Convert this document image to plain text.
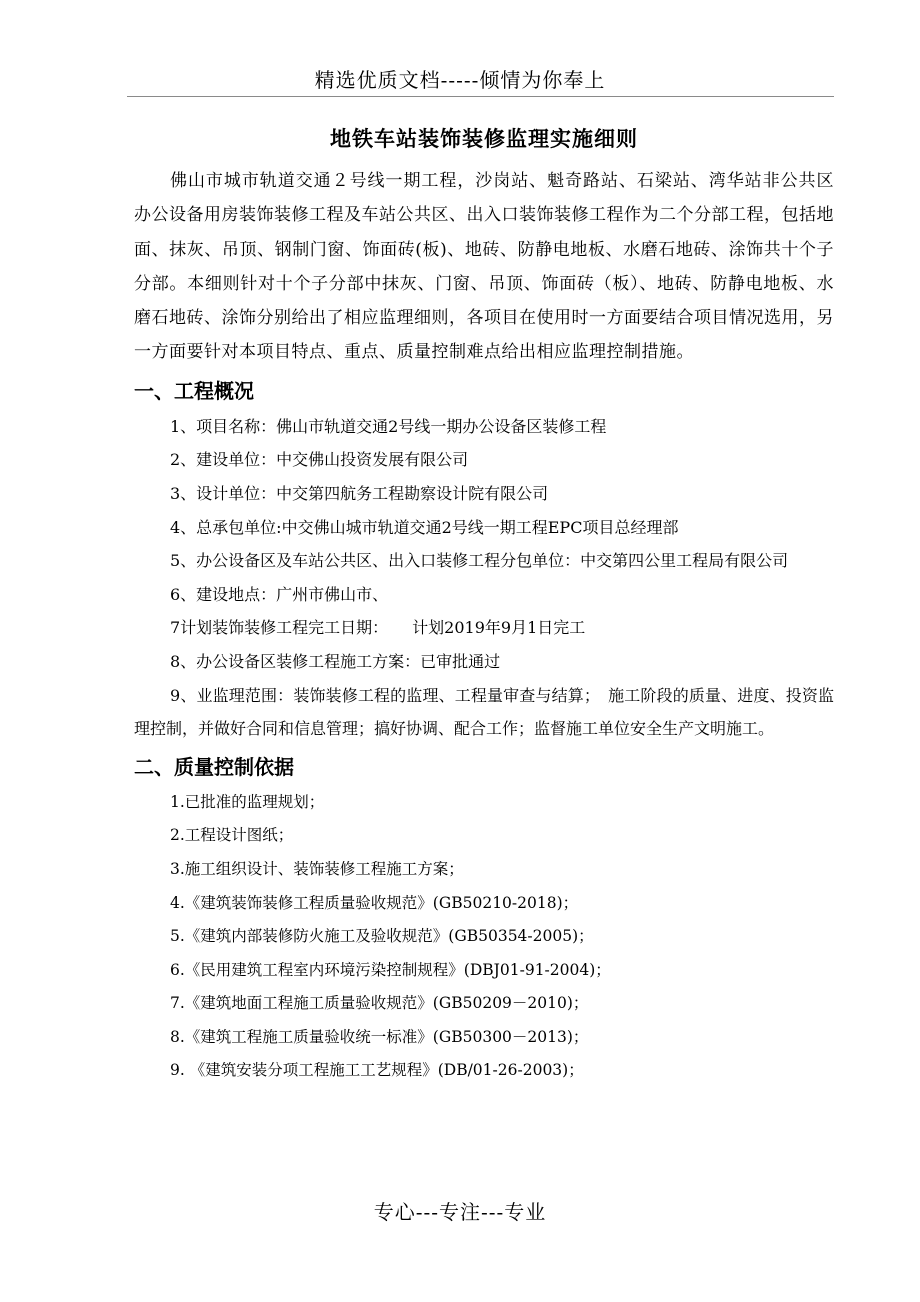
精选优质文档-----倾情为你奉上
地铁车站装饰装修监理实施细则

佛山市城市轨道交通２号线一期工程，沙岗站、魁奇路站、石梁站、湾华站非公共区办公设备用房装饰装修工程及车站公共区、出入口装饰装修工程作为二个分部工程，包括地面、抹灰、吊顶、钢制门窗、饰面砖(板)、地砖、防静电地板、水磨石地砖、涂饰共十个子分部。本细则针对十个子分部中抹灰、门窗、吊顶、饰面砖（板）、地砖、防静电地板、水磨石地砖、涂饰分别给出了相应监理细则，各项目在使用时一方面要结合项目情况选用，另一方面要针对本项目特点、重点、质量控制难点给出相应监理控制措施。

一、工程概况

1、项目名称：佛山市轨道交通2号线一期办公设备区装修工程

2、建设单位：中交佛山投资发展有限公司

3、设计单位：中交第四航务工程勘察设计院有限公司

4、总承包单位:中交佛山城市轨道交通2号线一期工程EPC项目总经理部

5、办公设备区及车站公共区、出入口装修工程分包单位：中交第四公里工程局有限公司

6、建设地点：广州市佛山市、

7计划装饰装修工程完工日期：　　计划2019年9月1日完工

8、办公设备区装修工程施工方案：已审批通过

9、业监理范围：装饰装修工程的监理、工程量审查与结算；　施工阶段的质量、进度、投资监理控制，并做好合同和信息管理；搞好协调、配合工作；监督施工单位安全生产文明施工。

二、质量控制依据

1.已批准的监理规划；

2.工程设计图纸；

3.施工组织设计、装饰装修工程施工方案；

4.《建筑装饰装修工程质量验收规范》(GB50210-2018)；

5.《建筑内部装修防火施工及验收规范》(GB50354-2005)；

6.《民用建筑工程室内环境污染控制规程》(DBJ01-91-2004)；

7.《建筑地面工程施工质量验收规范》(GB50209－2010)；

8.《建筑工程施工质量验收统一标准》(GB50300－2013)；

9. 《建筑安装分项工程施工工艺规程》(DB/01-26-2003)；

专心---专注---专业
